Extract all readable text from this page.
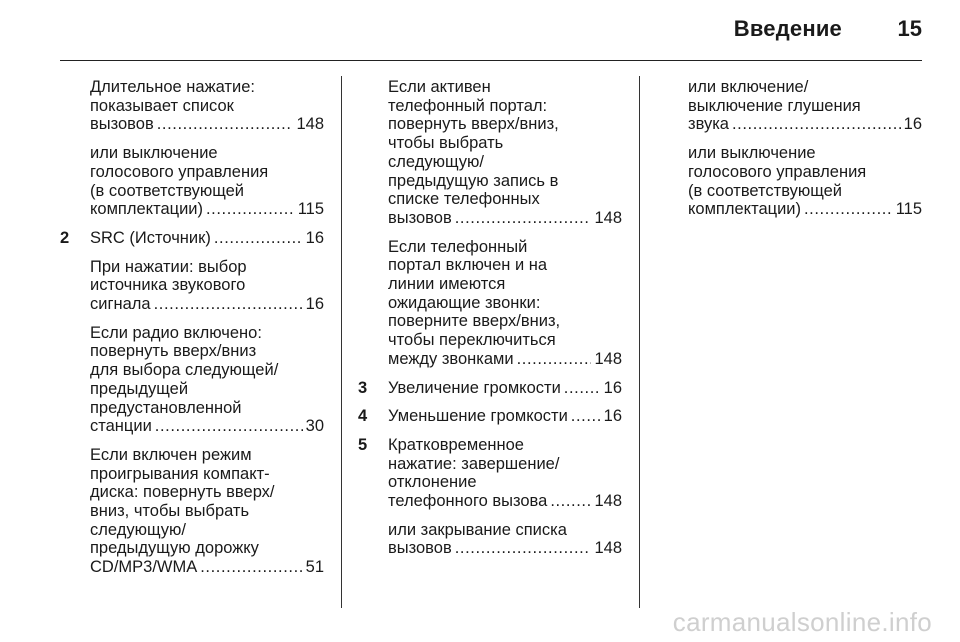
Введение	15
Длительное нажатие:
показывает список
вызовов .....	148
или выключение
голосового управления
(в соответствующей
комплектации) .....	115
2 SRC (Источник) .....	16
При нажатии: выбор
источника звукового
сигнала .....	16
Если радио включено:
повернуть вверх/вниз
для выбора следующей/
предыдущей
предустановленной
станции .....	30
Если включен режим
проигрывания компакт-
диска: повернуть вверх/
вниз, чтобы выбрать
следующую/
предыдущую дорожку
CD/MP3/WMA .....	51
Если активен
телефонный портал:
повернуть вверх/вниз,
чтобы выбрать
следующую/
предыдущую запись в
списке телефонных
вызовов .....	148
Если телефонный
портал включен и на
линии имеются
ожидающие звонки:
поверните вверх/вниз,
чтобы переключиться
между звонками .....	148
3 Увеличение громкости .....	16
4 Уменьшение громкости ..... 16
5 Кратковременное
нажатие: завершение/
отклонение
телефонного вызова .....	148
или закрывание списка
вызовов .....	148
или включение/
выключение глушения
звука .....	16
или выключение
голосового управления
(в соответствующей
комплектации) .....	115
carmanualsonline.info
